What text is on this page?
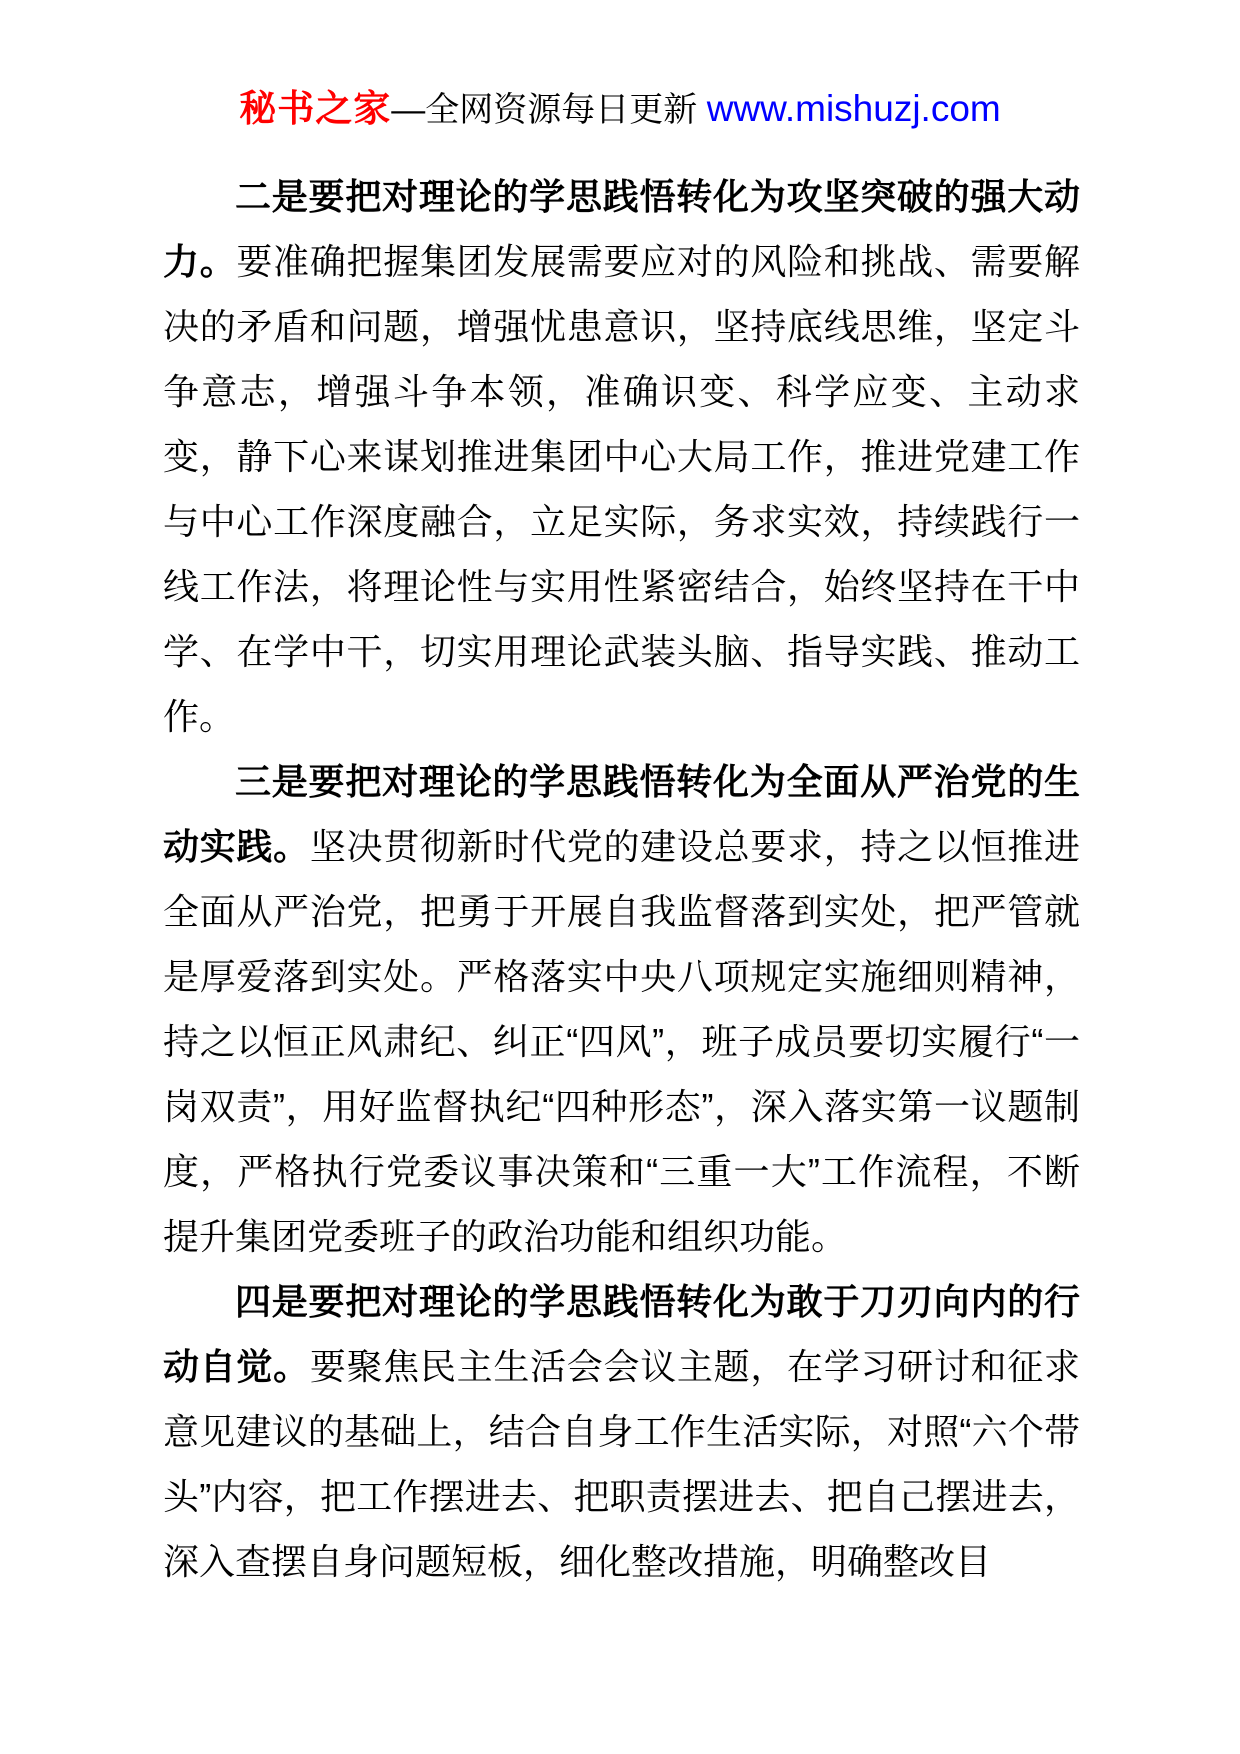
秘书之家—全网资源每日更新 www.mishuzj.com

二是要把对理论的学思践悟转化为攻坚突破的强大动力。要准确把握集团发展需要应对的风险和挑战、需要解决的矛盾和问题，增强忧患意识，坚持底线思维，坚定斗争意志，增强斗争本领，准确识变、科学应变、主动求变，静下心来谋划推进集团中心大局工作，推进党建工作与中心工作深度融合，立足实际，务求实效，持续践行一线工作法，将理论性与实用性紧密结合，始终坚持在干中学、在学中干，切实用理论武装头脑、指导实践、推动工作。

三是要把对理论的学思践悟转化为全面从严治党的生动实践。坚决贯彻新时代党的建设总要求，持之以恒推进全面从严治党，把勇于开展自我监督落到实处，把严管就是厚爱落到实处。严格落实中央八项规定实施细则精神，持之以恒正风肃纪、纠正“四风”，班子成员要切实履行“一岗双责”，用好监督执纪“四种形态”，深入落实第一议题制度，严格执行党委议事决策和“三重一大”工作流程，不断提升集团党委班子的政治功能和组织功能。

四是要把对理论的学思践悟转化为敢于刀刃向内的行动自觉。要聚焦民主生活会会议主题，在学习研讨和征求意见建议的基础上，结合自身工作生活实际，对照“六个带头”内容，把工作摆进去、把职责摆进去、把自己摆进去，深入查摆自身问题短板，细化整改措施，明确整改目
